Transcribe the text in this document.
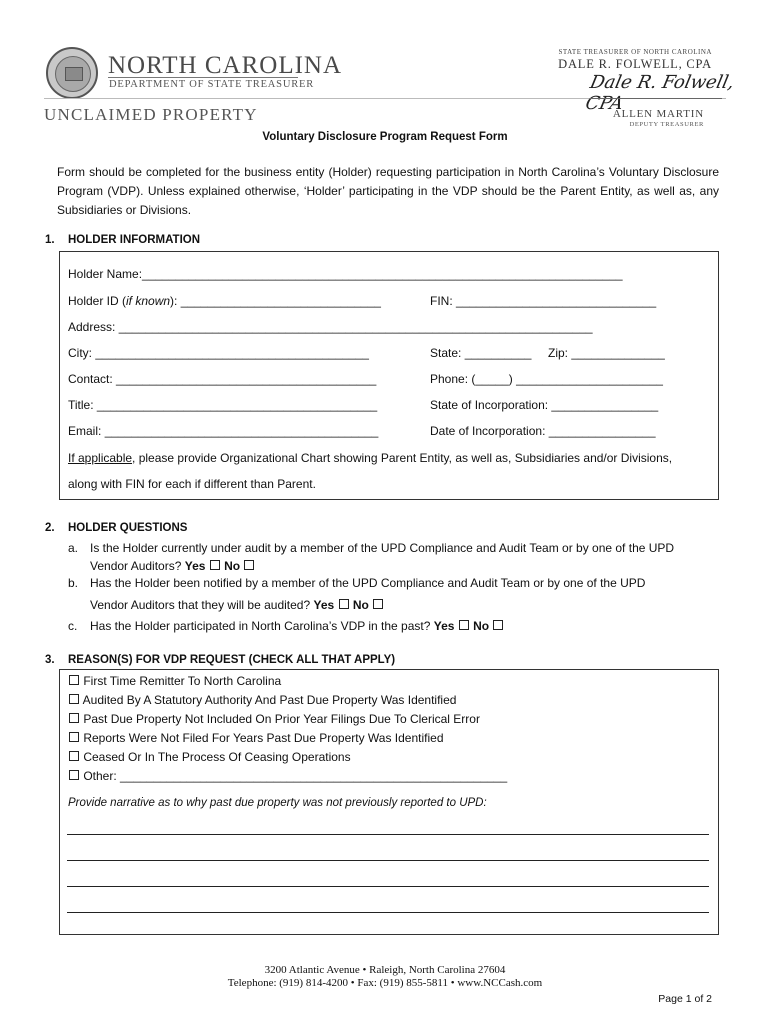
NORTH CAROLINA
DEPARTMENT OF STATE TREASURER
UNCLAIMED PROPERTY
STATE TREASURER OF NORTH CAROLINA
DALE R. FOLWELL, CPA
Dale R. Folwell, CPA
ALLEN MARTIN
DEPUTY TREASURER
Voluntary Disclosure Program Request Form
Form should be completed for the business entity (Holder) requesting participation in North Carolina’s Voluntary Disclosure Program (VDP). Unless explained otherwise, ‘Holder’ participating in the VDP should be the Parent Entity, as well as, any Subsidiaries or Divisions.
1. HOLDER INFORMATION
Holder Name:________________________________________________________________________
Holder ID (if known): ______________________________	FIN: ______________________________
Address: _______________________________________________________________________
City: _________________________________________	State: __________ Zip: ______________
Contact: _______________________________________	Phone: (_____) ______________________
Title: __________________________________________	State of Incorporation: ________________
Email: _________________________________________	Date of Incorporation: ________________
If applicable, please provide Organizational Chart showing Parent Entity, as well as, Subsidiaries and/or Divisions,
along with FIN for each if different than Parent.
2. HOLDER QUESTIONS
a. Is the Holder currently under audit by a member of the UPD Compliance and Audit Team or by one of the UPD
Vendor Auditors? Yes No
b. Has the Holder been notified by a member of the UPD Compliance and Audit Team or by one of the UPD
Vendor Auditors that they will be audited? Yes No
c. Has the Holder participated in North Carolina’s VDP in the past? Yes No
3. REASON(S) FOR VDP REQUEST (CHECK ALL THAT APPLY)
First Time Remitter To North Carolina
Audited By A Statutory Authority And Past Due Property Was Identified
Past Due Property Not Included On Prior Year Filings Due To Clerical Error
Reports Were Not Filed For Years Past Due Property Was Identified
Ceased Or In The Process Of Ceasing Operations
Other: __________________________________________________________
Provide narrative as to why past due property was not previously reported to UPD:
3200 Atlantic Avenue • Raleigh, North Carolina 27604
Telephone: (919) 814-4200 • Fax: (919) 855-5811 • www.NCCash.com
Page 1 of 2
